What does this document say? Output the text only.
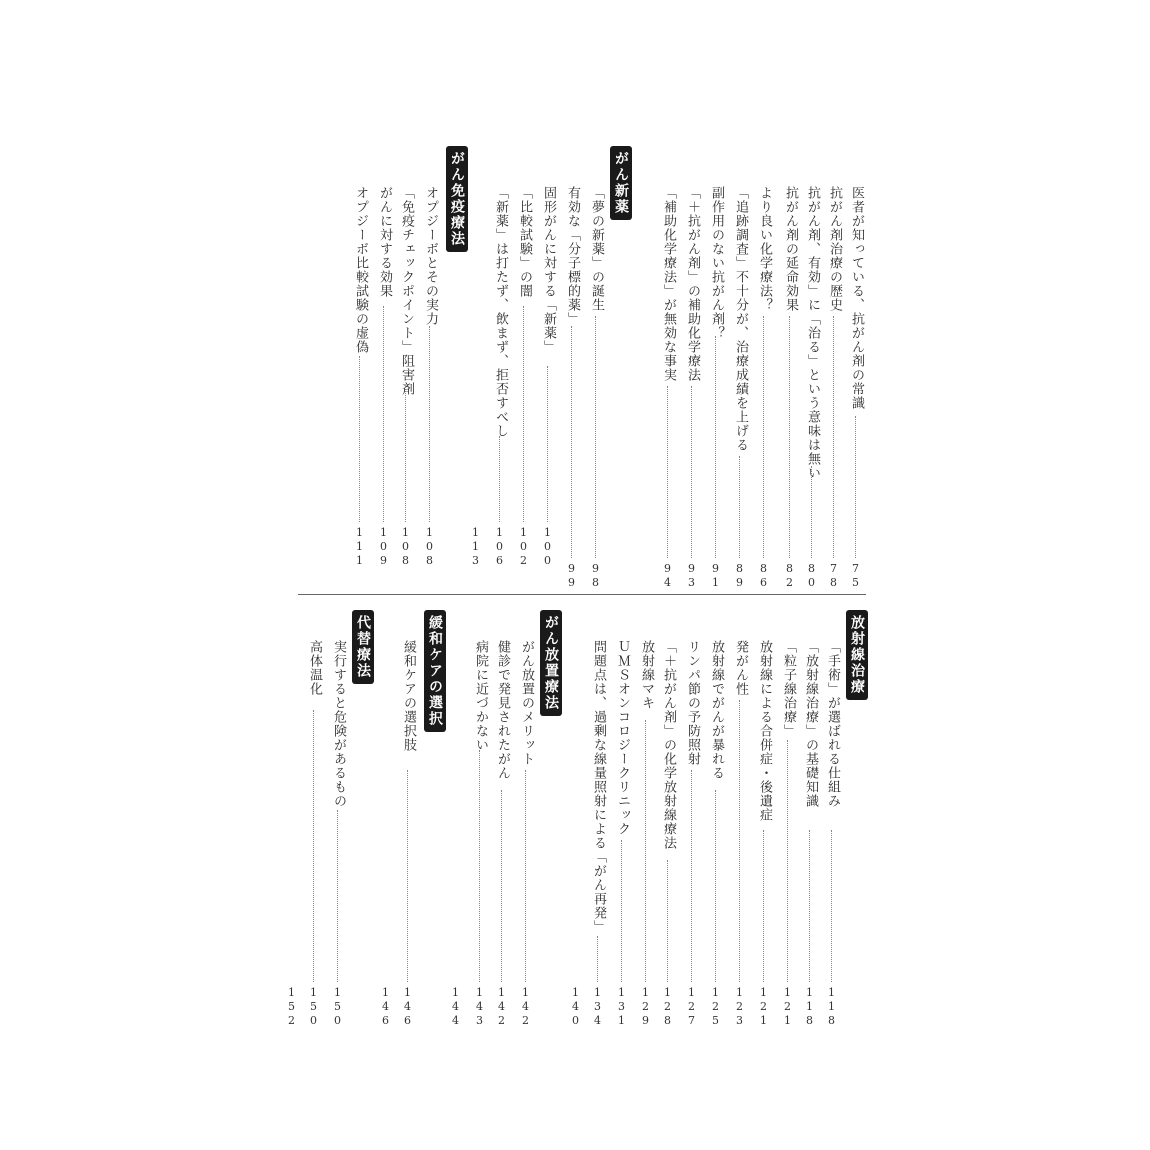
医者が知っている、抗がん剤の常識
75
抗がん剤治療の歴史
78
抗がん剤、有効」に「治る」という意味は無い
80
抗がん剤の延命効果
82
より良い化学療法？
86
「追跡調査」不十分が、治療成績を上げる
89
副作用のない抗がん剤？
91
「＋抗がん剤」の補助化学療法
93
「補助化学療法」が無効な事実
94
がん新薬
「夢の新薬」の誕生
98
有効な「分子標的薬」
99
固形がんに対する「新薬」
100
「比較試験」の闇
102
「新薬」は打たず、飲まず、拒否すべし
106
がん免疫療法
オプジーボとその実力
108
「免疫チェックポイント」阻害剤
108
がんに対する効果
109
オプジーボ比較試験の虚偽
111	113
放射線治療
「手術」が選ばれる仕組み
118
「放射線治療」の基礎知識
118
「粒子線治療」
121
放射線による合併症・後遺症
121
発がん性
123
放射線でがんが暴れる
125
リンパ節の予防照射
127
「＋抗がん剤」の化学放射線療法
128
放射線マキ
129
ＵＭＳオンコロジークリニック
131
問題点は、過剰な線量照射による「がん再発」
134
がん放置療法
がん放置のメリット
142
健診で発見されたがん
142
病院に近づかない
143
緩和ケアの選択
緩和ケアの選択肢
146
代替療法
実行すると危険があるもの
150
高体温化
150	140
144
146
152
